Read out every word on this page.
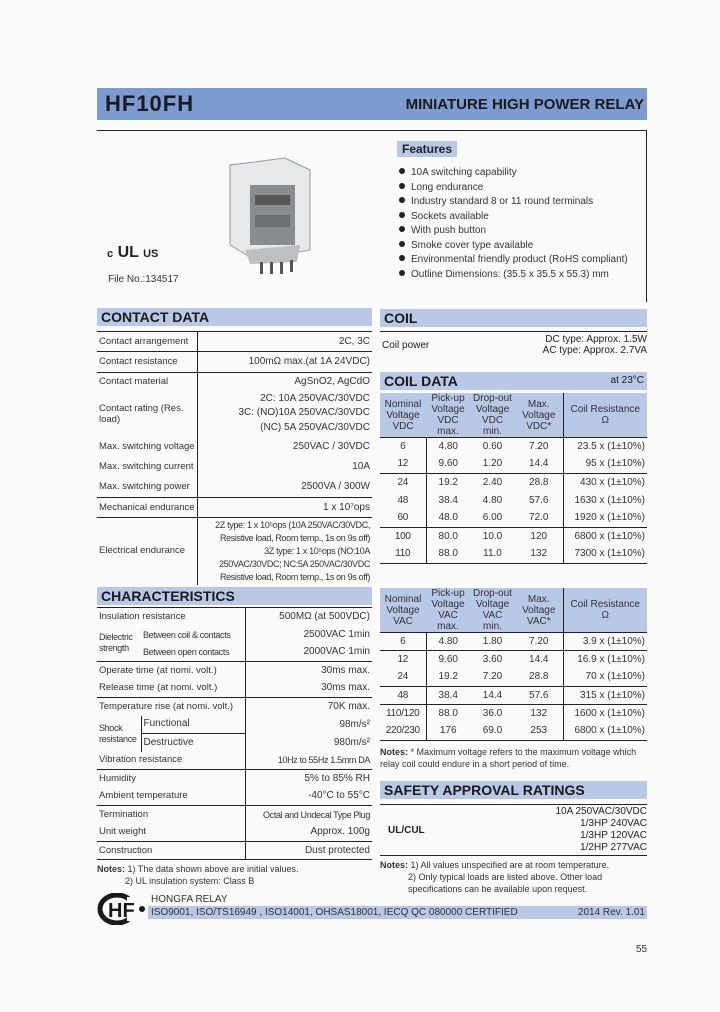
HF10FH	MINIATURE HIGH POWER RELAY
c UL US
File No.:134517
Features
10A switching capability
Long endurance
Industry standard 8 or 11 round terminals
Sockets available
With push button
Smoke cover type available
Environmental friendly product (RoHS compliant)
Outline Dimensions: (35.5 x 35.5 x 55.3) mm
CONTACT DATA
Contact arrangement	2C, 3C
Contact resistance	100mΩ max.(at 1A 24VDC)
Contact material	AgSnO2, AgCdO
Contact rating (Res. load)	2C: 10A 250VAC/30VDC
3C: (NO)10A 250VAC/30VDC
(NC) 5A 250VAC/30VDC

Max. switching voltage	250VAC / 30VDC
Max. switching current	10A
Max. switching power	2500VA / 300W
Mechanical endurance	1 x 10⁷ops
Electrical endurance	2Z type: 1 x 10⁵ops (10A 250VAC/30VDC,
Resistive load, Room temp., 1s on 9s off)
3Z type: 1 x 10⁵ops (NO:10A
250VAC/30VDC; NC:5A 250VAC/30VDC
Resistive load, Room temp., 1s on 9s off)
CHARACTERISTICS
Insulation resistance		500MΩ (at 500VDC)
Dielectric strength	Between coil & contacts	2500VAC 1min
	Between open contacts	2000VAC 1min
Operate time (at nomi. volt.)		30ms max.
Release time (at nomi. volt.)		30ms max.
Temperature rise (at nomi. volt.)		70K max.
Shock resistance	Functional	98m/s²
	Destructive	980m/s²
Vibration resistance		10Hz to 55Hz 1.5mm DA
Humidity		5% to 85% RH
Ambient temperature		-40°C to 55°C
Termination		Octal and Undecal Type Plug
Unit weight		Approx. 100g
Construction		Dust protected
Notes: 1) The data shown above are initial values.
2) UL insulation system: Class B
COIL
Coil power
DC type: Approx. 1.5W
AC type: Approx. 2.7VA
COIL DATA	at 23°C
Nominal Voltage VDC	Pick-up Voltage VDC max.	Drop-out Voltage VDC min.	Max. Voltage VDC*	Coil Resistance Ω
6	4.80	0.60	7.20	23.5 x (1±10%)
12	9.60	1.20	14.4	95 x (1±10%)
24	19.2	2.40	28.8	430 x (1±10%)
48	38.4	4.80	57.6	1630 x (1±10%)
60	48.0	6.00	72.0	1920 x (1±10%)
100	80.0	10.0	120	6800 x (1±10%)
110	88.0	11.0	132	7300 x (1±10%)
Nominal Voltage VAC	Pick-up Voltage VAC max.	Drop-out Voltage VAC min.	Max. Voltage VAC*	Coil Resistance Ω
6	4.80	1.80	7.20	3.9 x (1±10%)
12	9.60	3.60	14.4	16.9 x (1±10%)
24	19.2	7.20	28.8	70 x (1±10%)
48	38.4	14.4	57.6	315 x (1±10%)
110/120	88.0	36.0	132	1600 x (1±10%)
220/230	176	69.0	253	6800 x (1±10%)
Notes: * Maximum voltage refers to the maximum voltage which relay coil could endure in a short period of time.
SAFETY APPROVAL RATINGS
UL/CUL
10A 250VAC/30VDC
1/3HP 240VAC
1/3HP 120VAC
1/2HP 277VAC
Notes: 1) All values unspecified are at room temperature.

2) Only typical loads are listed above. Other load specifications can be available upon request.
HF
HONGFA RELAY
ISO9001, ISO/TS16949 , ISO14001, OHSAS18001, IECQ QC 080000 CERTIFIED	2014 Rev. 1.01
55
